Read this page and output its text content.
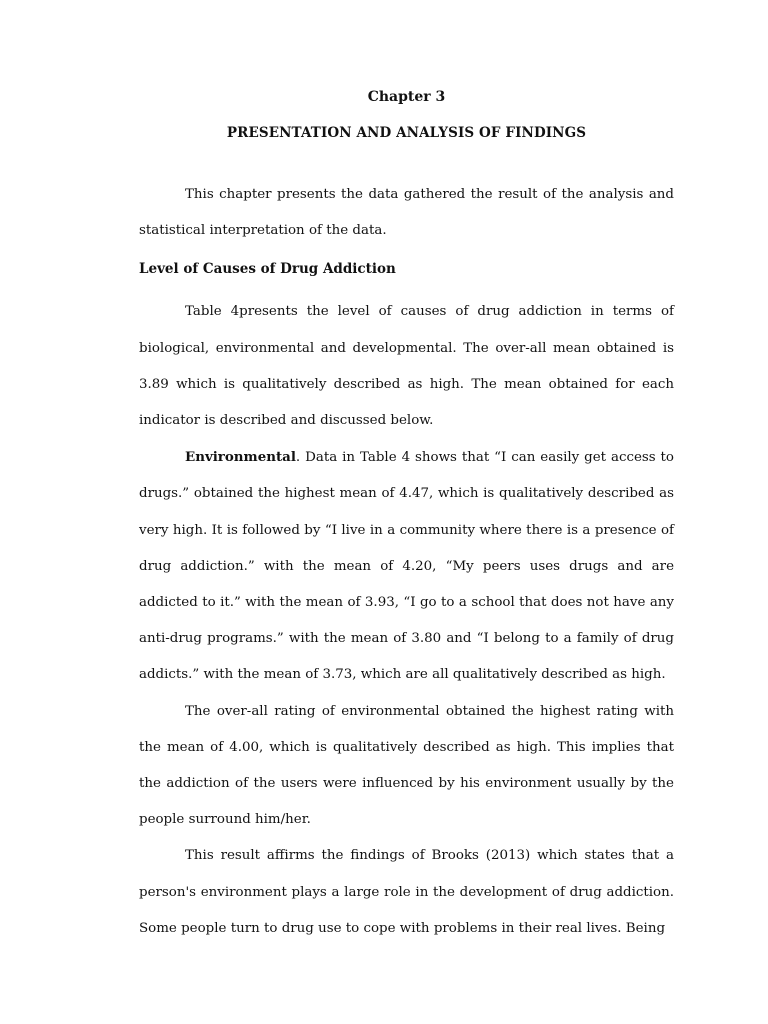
Chapter 3
PRESENTATION AND ANALYSIS OF FINDINGS

This chapter presents the data gathered the result of the analysis and statistical interpretation of the data.

Level of Causes of Drug Addiction

Table 4presents the level of causes of drug addiction in terms of biological, environmental and developmental. The over-all mean obtained is 3.89 which is qualitatively described as high. The mean obtained for each indicator is described and discussed below.

Environmental. Data in Table 4 shows that “I can easily get access to drugs.” obtained the highest mean of 4.47, which is qualitatively described as very high. It is followed by “I live in a community where there is a presence of drug addiction.” with the mean of 4.20, “My peers uses drugs and are addicted to it.” with the mean of 3.93, “I go to a school that does not have any anti-drug programs.” with the mean of 3.80 and “I belong to a family of drug addicts.” with the mean of 3.73, which are all qualitatively described as high.

The over-all rating of environmental obtained the highest rating with the mean of 4.00, which is qualitatively described as high. This implies that the addiction of the users were influenced by his environment usually by the people surround him/her.

This result affirms the findings of Brooks (2013) which states that a person's environment plays a large role in the development of drug addiction. Some people turn to drug use to cope with problems in their real lives. Being
